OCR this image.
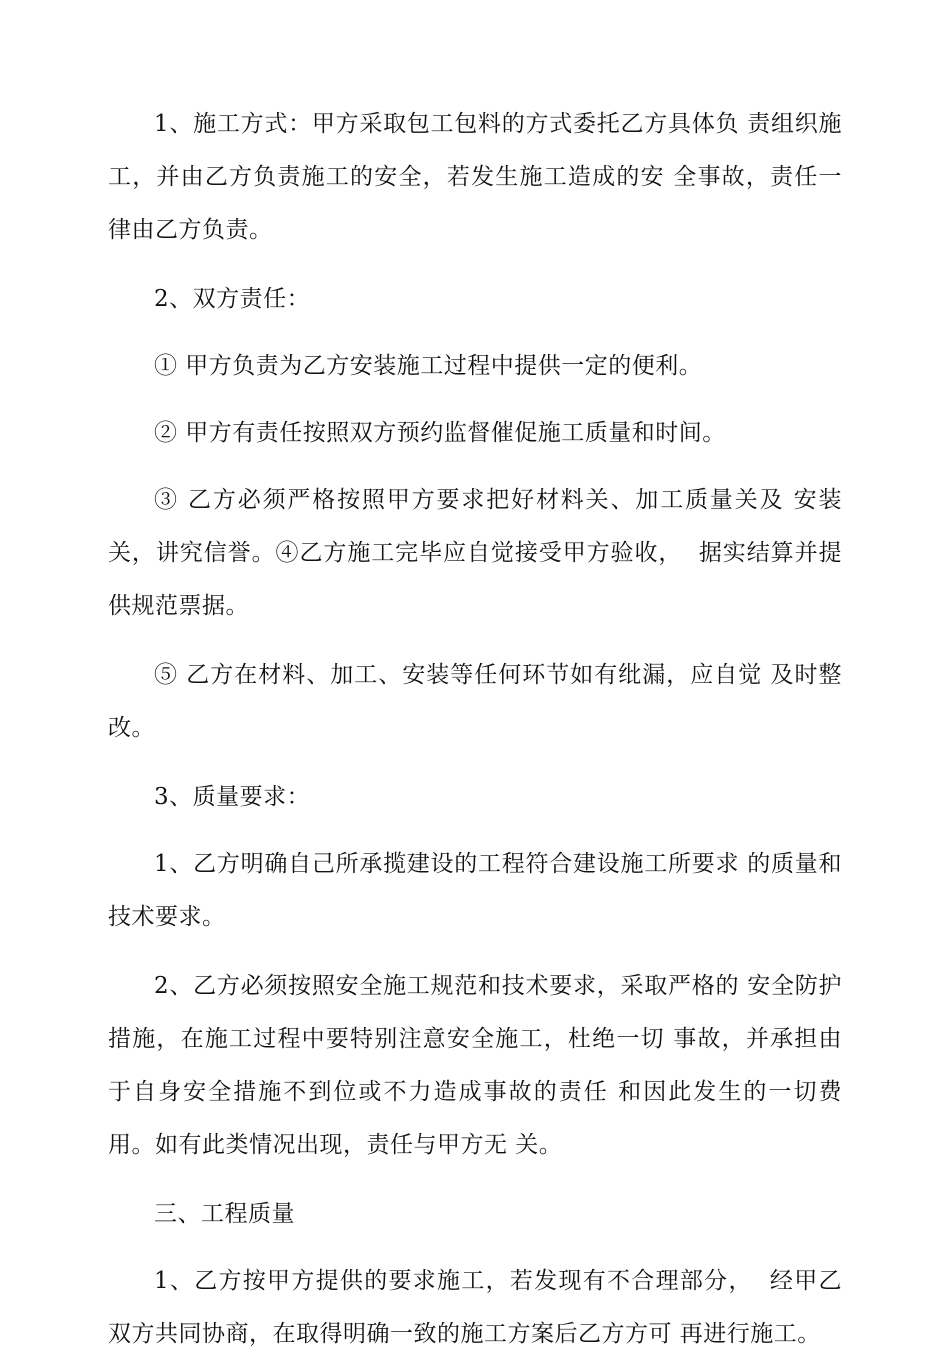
1、施工方式：甲方采取包工包料的方式委托乙方具体负 责组织施工，并由乙方负责施工的安全，若发生施工造成的安 全事故，责任一律由乙方负责。

2、双方责任：

① 甲方负责为乙方安装施工过程中提供一定的便利。

② 甲方有责任按照双方预约监督催促施工质量和时间。

③ 乙方必须严格按照甲方要求把好材料关、加工质量关及 安装关，讲究信誉。④乙方施工完毕应自觉接受甲方验收，  据实结算并提供规范票据。

⑤ 乙方在材料、加工、安装等任何环节如有纰漏，应自觉 及时整改。

3、质量要求：

1、乙方明确自己所承揽建设的工程符合建设施工所要求 的质量和技术要求。

2、乙方必须按照安全施工规范和技术要求，采取严格的 安全防护措施，在施工过程中要特别注意安全施工，杜绝一切 事故，并承担由于自身安全措施不到位或不力造成事故的责任 和因此发生的一切费用。如有此类情况出现，责任与甲方无 关。

三、工程质量

1、乙方按甲方提供的要求施工，若发现有不合理部分，  经甲乙双方共同协商，在取得明确一致的施工方案后乙方方可 再进行施工。
